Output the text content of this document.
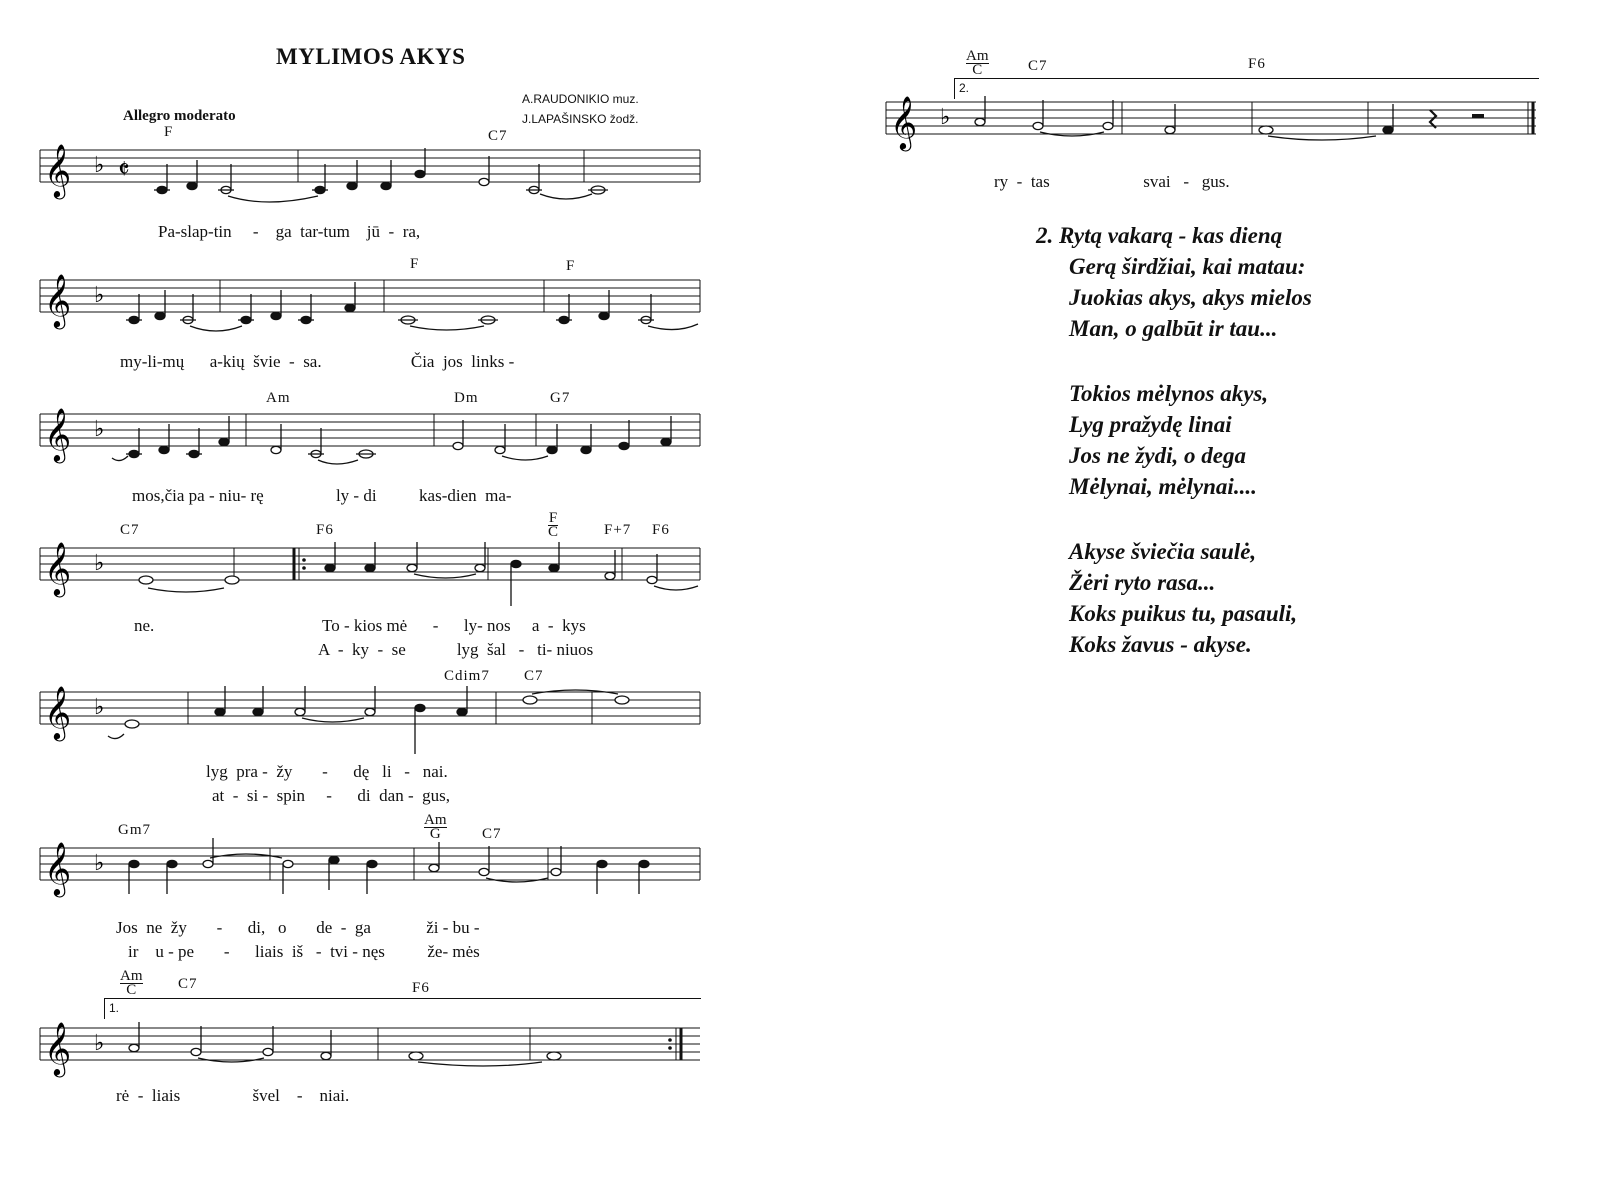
MYLIMOS AKYS
Allegro moderato
A.RAUDONIKIO muz.
J.LAPAŠINSKO žodž.
F	C7
𝄞 ♭ 𝄵
Pa-slap-tin     -    ga  tar-tum    jū  -  ra,
F	F
𝄞 ♭
my-li-mų      a-kių  švie  -  sa.                     Čia  jos  links -
Am	Dm	G7
𝄞 ♭
mos,čia pa - niu- rę                 ly - di          kas-dien  ma-
C7	F6
F
C	F+7 F6
𝄞 ♭
ne.	To - kios mė      -      ly- nos     a  -  kys
A  -  ky  -  se            lyg  šal   -   ti- niuos
Cdim7 C7
𝄞 ♭
lyg  pra -  žy       -      dę   li   -   nai.
at  -  si -  spin     -      di  dan -  gus,
Gm7
Am
G	C7
𝄞 ♭
Jos  ne  žy       -      di,   o       de  -  ga             ži - bu -
ir    u - pe       -      liais  iš   -  tvi - nęs          že- mės
Am
C	C7	F6
1.
𝄞 ♭
rė  -  liais                 švel    -    niai.
Am
C	C7	F6
2.
𝄞 ♭
ry  -  tas                      svai   -   gus.
2. Rytą vakarą - kas dieną
Gerą širdžiai, kai matau:
Juokias akys, akys mielos
Man, o galbūt ir tau...
Tokios mėlynos akys,
Lyg pražydę linai
Jos ne žydi, o dega
Mėlynai, mėlynai....
Akyse šviečia saulė,
Žėri ryto rasa...
Koks puikus tu, pasauli,
Koks žavus - akyse.
